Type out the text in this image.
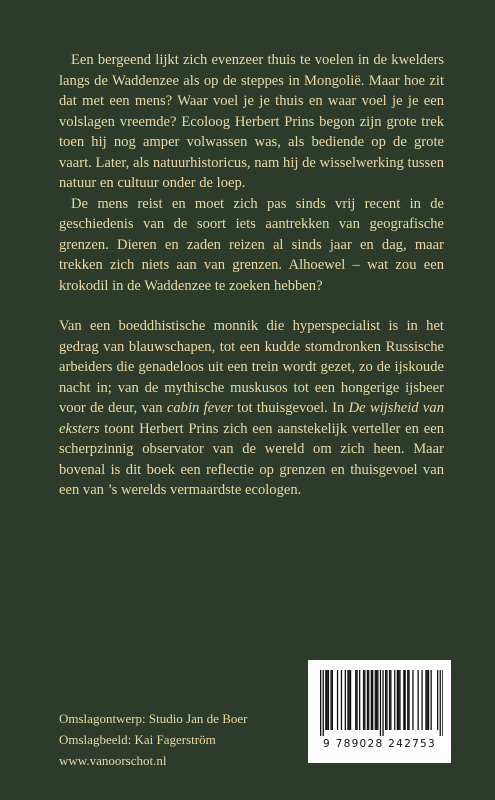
Een bergeend lijkt zich evenzeer thuis te voelen in de kwelders langs de Waddenzee als op de steppes in Mongolië. Maar hoe zit dat met een mens? Waar voel je je thuis en waar voel je je een volslagen vreemde? Ecoloog Herbert Prins begon zijn grote trek toen hij nog amper volwassen was, als bediende op de grote vaart. Later, als natuurhistoricus, nam hij de wisselwerking tussen natuur en cultuur onder de loep.

De mens reist en moet zich pas sinds vrij recent in de geschiedenis van de soort iets aantrekken van geografische grenzen. Dieren en zaden reizen al sinds jaar en dag, maar trekken zich niets aan van grenzen. Alhoewel – wat zou een krokodil in de Waddenzee te zoeken hebben?

Van een boeddhistische monnik die hyperspecialist is in het gedrag van blauwschapen, tot een kudde stomdronken Russische arbeiders die genadeloos uit een trein wordt gezet, zo de ijskoude nacht in; van de mythische muskusos tot een hongerige ijsbeer voor de deur, van cabin fever tot thuisgevoel. In De wijsheid van eksters toont Herbert Prins zich een aanstekelijk verteller en een scherpzinnig observator van de wereld om zich heen. Maar bovenal is dit boek een reflectie op grenzen en thuisgevoel van een van ’s werelds vermaardste ecologen.

Omslagontwerp: Studio Jan de Boer
Omslagbeeld: Kai Fagerström
www.vanoorschot.nl
9 789028 242753
